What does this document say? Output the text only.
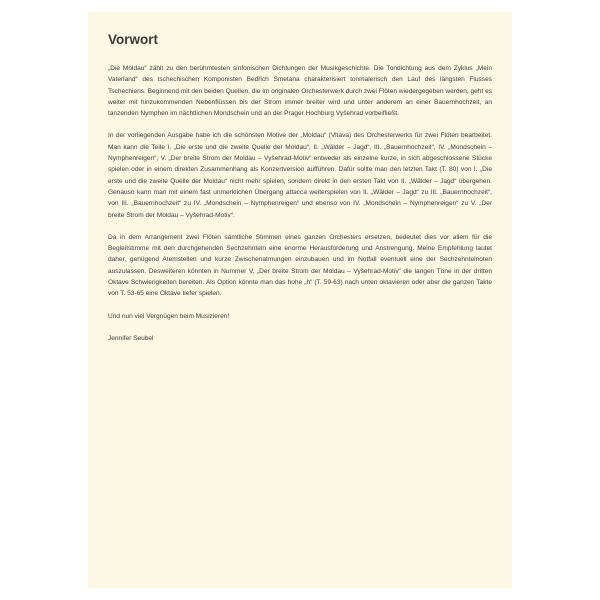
Vorwort

„Die Moldau“ zählt zu den berühmtesten sinfonischen Dichtungen der Musikgeschichte. Die Tondichtung aus dem Zyklus „Mein Vaterland“ des tschechischen Komponisten Bedřich Smetana charakterisiert tonmalerisch den Lauf des längsten Flusses Tschechiens. Beginnend mit den beiden Quellen, die im originalen Orchesterwerk durch zwei Flöten wiedergegeben werden, geht es weiter mit hinzukommenden Nebenflüssen bis der Strom immer breiter wird und unter anderem an einer Bauernhochzeit, an tanzenden Nymphen im nächtlichen Mondschein und an der Prager Hochburg Vyšehrad vorbeifließt.

In der vorliegenden Ausgabe habe ich die schönsten Motive der „Moldau“ (Vltava) des Orchesterwerks für zwei Flöten bearbeitet. Man kann die Teile I. „Die erste und die zweite Quelle der Moldau“, II. „Wälder – Jagd“, III. „Bauernhochzeit“, IV. „Mondschein – Nymphenreigen“, V. „Der breite Strom der Moldau – Vyšehrad-Motiv“ entweder als einzelne kurze, in sich abgeschlossene Stücke spielen oder in einem direkten Zusammenhang als Konzertversion aufführen. Dafür sollte man den letzten Takt (T. 80) von I. „Die erste und die zweite Quelle der Moldau“ nicht mehr spielen, sondern direkt in den ersten Takt von II. „Wälder – Jagd“ übergehen. Genauso kann man mit einem fast unmerklichen Übergang attacca weiterspielen von II. „Wälder – Jagd“ zu III. „Bauernhochzeit“, von III. „Bauernhochzeit“ zu IV. „Mondschein – Nymphenreigen“ und ebenso von IV. „Mondschein – Nymphenreigen“ zu V. „Der breite Strom der Moldau – Vyšehrad-Motiv“.

Da in dem Arrangement zwei Flöten sämtliche Stimmen eines ganzen Orchesters ersetzen, bedeutet dies vor allem für die Begleitstimme mit den durchgehenden Sechzehnteln eine enorme Herausforderung und Anstrengung. Meine Empfehlung lautet daher, genügend Atemstellen und kurze Zwischenatmungen einzubauen und im Notfall eventuell eine der Sechzehntelnoten auszulassen. Desweiteren könnten in Nummer V. „Der breite Strom der Moldau – Vyšehrad-Motiv“ die langen Töne in der dritten Oktave Schwierigkeiten bereiten. Als Option könnte man das hohe „h“ (T. 59-63) nach unten oktavieren oder aber die ganzen Takte von T. 53-65 eine Oktave tiefer spielen.

Und nun viel Vergnügen beim Musizieren!

Jennifer Seubel
